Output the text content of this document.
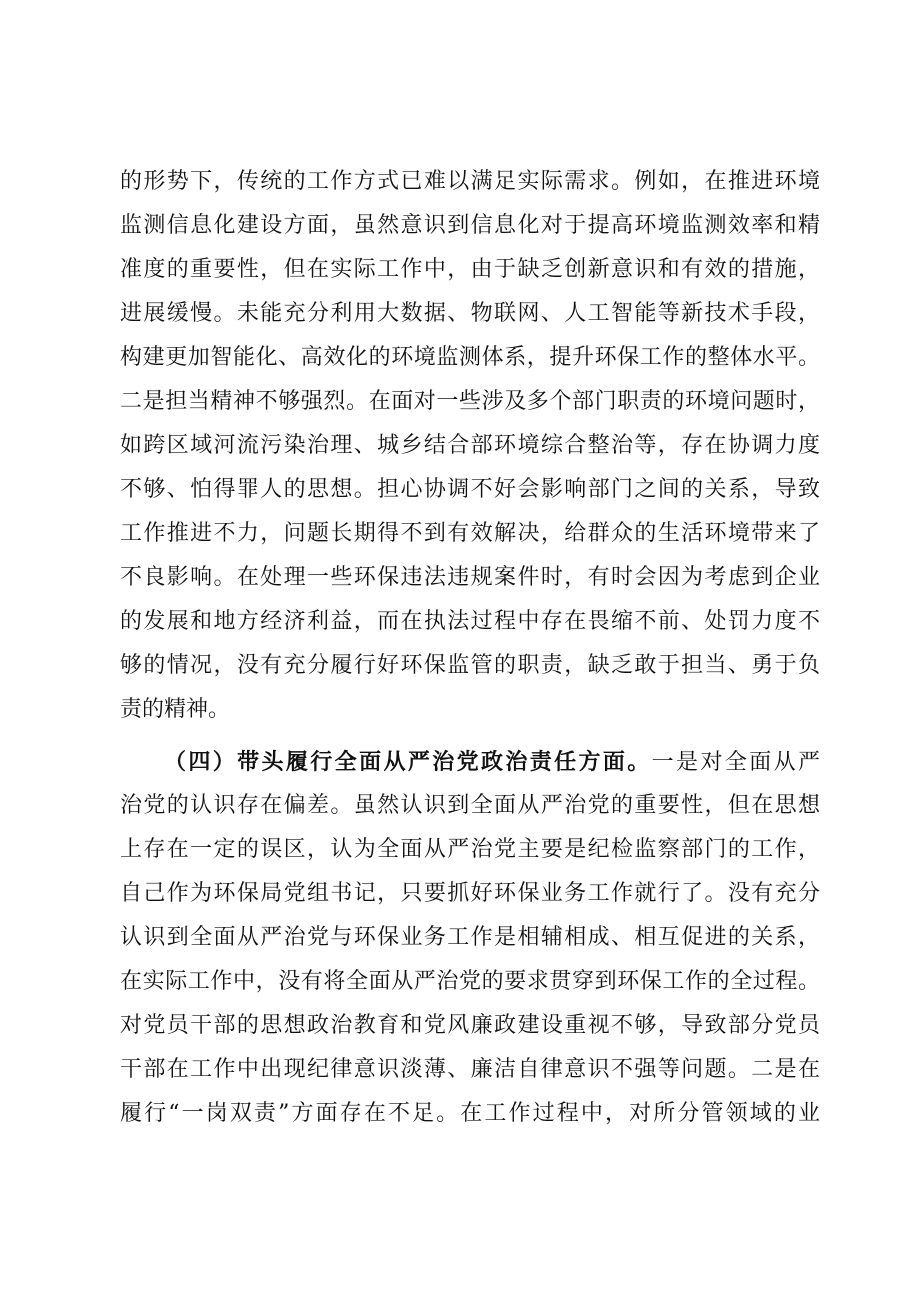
的形势下，传统的工作方式已难以满足实际需求。例如，在推进环境
监测信息化建设方面，虽然意识到信息化对于提高环境监测效率和精
准度的重要性，但在实际工作中，由于缺乏创新意识和有效的措施，
进展缓慢。未能充分利用大数据、物联网、人工智能等新技术手段，
构建更加智能化、高效化的环境监测体系，提升环保工作的整体水平。
二是担当精神不够强烈。在面对一些涉及多个部门职责的环境问题时，
如跨区域河流污染治理、城乡结合部环境综合整治等，存在协调力度
不够、怕得罪人的思想。担心协调不好会影响部门之间的关系，导致
工作推进不力，问题长期得不到有效解决，给群众的生活环境带来了
不良影响。在处理一些环保违法违规案件时，有时会因为考虑到企业
的发展和地方经济利益，而在执法过程中存在畏缩不前、处罚力度不
够的情况，没有充分履行好环保监管的职责，缺乏敢于担当、勇于负
责的精神。
（四）带头履行全面从严治党政治责任方面。一是对全面从严
治党的认识存在偏差。虽然认识到全面从严治党的重要性，但在思想
上存在一定的误区，认为全面从严治党主要是纪检监察部门的工作，
自己作为环保局党组书记，只要抓好环保业务工作就行了。没有充分
认识到全面从严治党与环保业务工作是相辅相成、相互促进的关系，
在实际工作中，没有将全面从严治党的要求贯穿到环保工作的全过程。
对党员干部的思想政治教育和党风廉政建设重视不够，导致部分党员
干部在工作中出现纪律意识淡薄、廉洁自律意识不强等问题。二是在
履行“一岗双责”方面存在不足。在工作过程中，对所分管领域的业
